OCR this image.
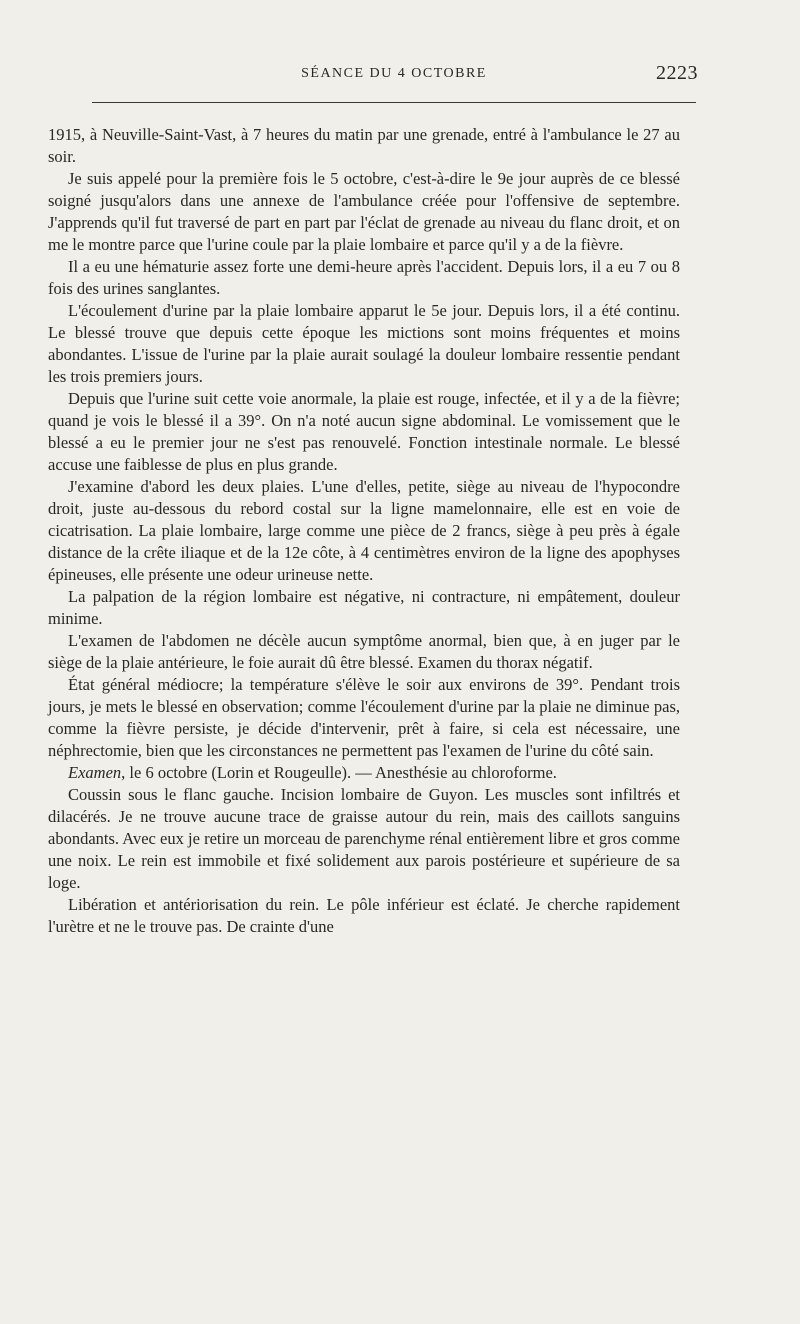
SÉANCE DU 4 OCTOBRE	2223

1915, à Neuville-Saint-Vast, à 7 heures du matin par une grenade, entré à l'ambulance le 27 au soir.

Je suis appelé pour la première fois le 5 octobre, c'est-à-dire le 9e jour auprès de ce blessé soigné jusqu'alors dans une annexe de l'ambulance créée pour l'offensive de septembre. J'apprends qu'il fut traversé de part en part par l'éclat de grenade au niveau du flanc droit, et on me le montre parce que l'urine coule par la plaie lombaire et parce qu'il y a de la fièvre.

Il a eu une hématurie assez forte une demi-heure après l'accident. Depuis lors, il a eu 7 ou 8 fois des urines sanglantes.

L'écoulement d'urine par la plaie lombaire apparut le 5e jour. Depuis lors, il a été continu. Le blessé trouve que depuis cette époque les mictions sont moins fréquentes et moins abondantes. L'issue de l'urine par la plaie aurait soulagé la douleur lombaire ressentie pendant les trois premiers jours.

Depuis que l'urine suit cette voie anormale, la plaie est rouge, infectée, et il y a de la fièvre; quand je vois le blessé il a 39°. On n'a noté aucun signe abdominal. Le vomissement que le blessé a eu le premier jour ne s'est pas renouvelé. Fonction intestinale normale. Le blessé accuse une faiblesse de plus en plus grande.

J'examine d'abord les deux plaies. L'une d'elles, petite, siège au niveau de l'hypocondre droit, juste au-dessous du rebord costal sur la ligne mamelonnaire, elle est en voie de cicatrisation. La plaie lombaire, large comme une pièce de 2 francs, siège à peu près à égale distance de la crête iliaque et de la 12e côte, à 4 centimètres environ de la ligne des apophyses épineuses, elle présente une odeur urineuse nette.

La palpation de la région lombaire est négative, ni contracture, ni empâtement, douleur minime.

L'examen de l'abdomen ne décèle aucun symptôme anormal, bien que, à en juger par le siège de la plaie antérieure, le foie aurait dû être blessé. Examen du thorax négatif.

État général médiocre; la température s'élève le soir aux environs de 39°. Pendant trois jours, je mets le blessé en observation; comme l'écoulement d'urine par la plaie ne diminue pas, comme la fièvre persiste, je décide d'intervenir, prêt à faire, si cela est nécessaire, une néphrectomie, bien que les circonstances ne permettent pas l'examen de l'urine du côté sain.

Examen, le 6 octobre (Lorin et Rougeulle). — Anesthésie au chloroforme.

Coussin sous le flanc gauche. Incision lombaire de Guyon. Les muscles sont infiltrés et dilacérés. Je ne trouve aucune trace de graisse autour du rein, mais des caillots sanguins abondants. Avec eux je retire un morceau de parenchyme rénal entièrement libre et gros comme une noix. Le rein est immobile et fixé solidement aux parois postérieure et supérieure de sa loge.

Libération et antériorisation du rein. Le pôle inférieur est éclaté. Je cherche rapidement l'urètre et ne le trouve pas. De crainte d'une
